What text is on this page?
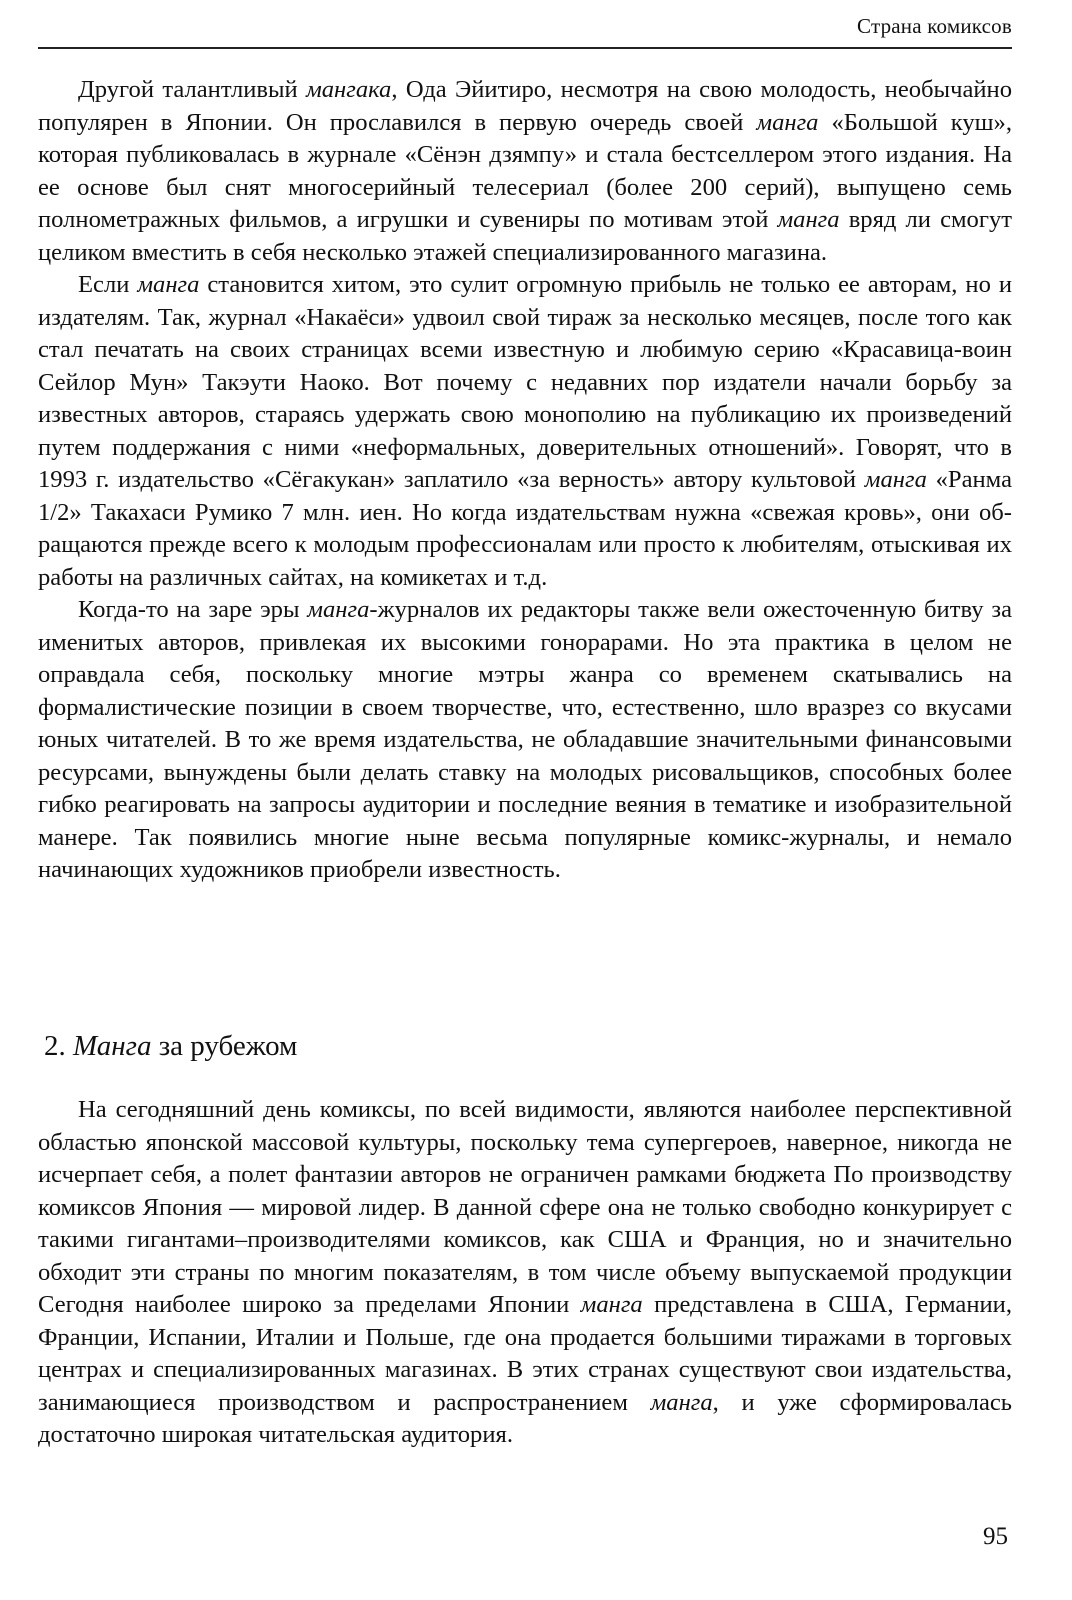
Страна комиксов

Другой талантливый мангака, Ода Эйитиро, несмотря на свою молодость, необычайно популярен в Японии. Он прославился в первую очередь своей манга «Большой куш», которая публиковалась в журнале «Сёнэн дзямпу» и стала бестселлером этого издания. На ее основе был снят многосерийный телесериал (более 200 серий), выпущено семь полнометражных фильмов, а игрушки и сувениры по мотивам этой манга вряд ли смогут целиком вместить в себя несколько этажей специализированного магазина.

Если манга становится хитом, это сулит огромную прибыль не только ее авторам, но и издателям. Так, журнал «Накаёси» удвоил свой тираж за несколько месяцев, после того как стал печатать на своих страницах всеми известную и любимую серию «Красавица-воин Сейлор Мун» Такэути Наоко. Вот почему с недавних пор издатели начали борьбу за известных авторов, стараясь удержать свою монополию на публикацию их произведений путем поддержания с ними «неформальных, доверительных отношений». Говорят, что в 1993 г. издательство «Сёгакукан» заплатило «за верность» автору культовой манга «Ранма 1/2» Такахаси Румико 7 млн. иен. Но когда издательствам нужна «свежая кровь», они обращаются прежде всего к молодым профессионалам или просто к любителям, отыскивая их работы на различных сайтах, на комикетах и т.д.

Когда-то на заре эры манга-журналов их редакторы также вели ожесточенную битву за именитых авторов, привлекая их высокими гонорарами. Но эта практика в целом не оправдала себя, поскольку многие мэтры жанра со временем скатывались на формалистические позиции в своем творчестве, что, естественно, шло вразрез со вкусами юных читателей. В то же время издательства, не обладавшие значительными финансовыми ресурсами, вынуждены были делать ставку на молодых рисовальщиков, способных более гибко реагировать на запросы аудитории и последние веяния в тематике и изобразительной манере. Так появились многие ныне весьма популярные комикс-журналы, и немало начинающих художников приобрели известность.

2. Манга за рубежом

На сегодняшний день комиксы, по всей видимости, являются наиболее перспективной областью японской массовой культуры, поскольку тема супергероев, наверное, никогда не исчерпает себя, а полет фантазии авторов не ограничен рамками бюджета По производству комиксов Япония — мировой лидер. В данной сфере она не только свободно конкурирует с такими гигантами–производителями комиксов, как США и Франция, но и значительно обходит эти страны по многим показателям, в том числе объему выпускаемой продукции Сегодня наиболее широко за пределами Японии манга представлена в США, Германии, Франции, Испании, Италии и Польше, где она продается большими тиражами в торговых центрах и специализированных магазинах. В этих странах существуют свои издательства, занимающиеся производством и распространением манга, и уже сформировалась достаточно широкая читательская аудитория.

95
